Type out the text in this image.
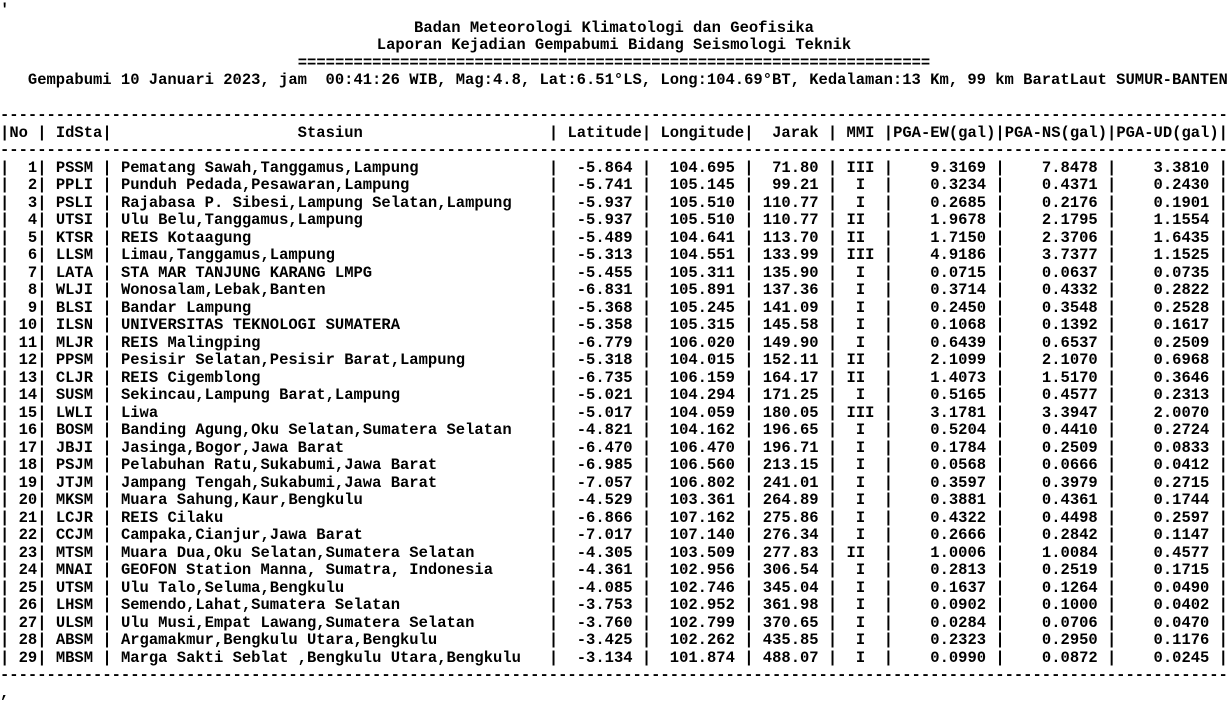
'
Badan Meteorologi Klimatologi dan Geofisika
Laporan Kejadian Gempabumi Bidang Seismologi Teknik
====================================================================
Gempabumi 10 Januari 2023, jam  00:41:26 WIB, Mag:4.8, Lat:6.51°LS, Long:104.69°BT, Kedalaman:13 Km, 99 km BaratLaut SUMUR-BANTEN
------------------------------------------------------------------------------------------------------------------------------------
|No | IdSta|                    Stasiun                    | Latitude| Longitude|  Jarak | MMI |PGA-EW(gal)|PGA-NS(gal)|PGA-UD(gal)|
------------------------------------------------------------------------------------------------------------------------------------
|  1| PSSM | Pematang Sawah,Tanggamus,Lampung              |  -5.864 |  104.695 |  71.80 | III |    9.3169 |    7.8478 |    3.3810 |
|  2| PPLI | Punduh Pedada,Pesawaran,Lampung               |  -5.741 |  105.145 |  99.21 |  I  |    0.3234 |    0.4371 |    0.2430 |
|  3| PSLI | Rajabasa P. Sibesi,Lampung Selatan,Lampung    |  -5.937 |  105.510 | 110.77 |  I  |    0.2685 |    0.2176 |    0.1901 |
|  4| UTSI | Ulu Belu,Tanggamus,Lampung                    |  -5.937 |  105.510 | 110.77 | II  |    1.9678 |    2.1795 |    1.1554 |
|  5| KTSR | REIS Kotaagung                                |  -5.489 |  104.641 | 113.70 | II  |    1.7150 |    2.3706 |    1.6435 |
|  6| LLSM | Limau,Tanggamus,Lampung                       |  -5.313 |  104.551 | 133.99 | III |    4.9186 |    3.7377 |    1.1525 |
|  7| LATA | STA MAR TANJUNG KARANG LMPG                   |  -5.455 |  105.311 | 135.90 |  I  |    0.0715 |    0.0637 |    0.0735 |
|  8| WLJI | Wonosalam,Lebak,Banten                        |  -6.831 |  105.891 | 137.36 |  I  |    0.3714 |    0.4332 |    0.2822 |
|  9| BLSI | Bandar Lampung                                |  -5.368 |  105.245 | 141.09 |  I  |    0.2450 |    0.3548 |    0.2528 |
| 10| ILSN | UNIVERSITAS TEKNOLOGI SUMATERA                |  -5.358 |  105.315 | 145.58 |  I  |    0.1068 |    0.1392 |    0.1617 |
| 11| MLJR | REIS Malingping                               |  -6.779 |  106.020 | 149.90 |  I  |    0.6439 |    0.6537 |    0.2509 |
| 12| PPSM | Pesisir Selatan,Pesisir Barat,Lampung         |  -5.318 |  104.015 | 152.11 | II  |    2.1099 |    2.1070 |    0.6968 |
| 13| CLJR | REIS Cigemblong                               |  -6.735 |  106.159 | 164.17 | II  |    1.4073 |    1.5170 |    0.3646 |
| 14| SUSM | Sekincau,Lampung Barat,Lampung                |  -5.021 |  104.294 | 171.25 |  I  |    0.5165 |    0.4577 |    0.2313 |
| 15| LWLI | Liwa                                          |  -5.017 |  104.059 | 180.05 | III |    3.1781 |    3.3947 |    2.0070 |
| 16| BOSM | Banding Agung,Oku Selatan,Sumatera Selatan    |  -4.821 |  104.162 | 196.65 |  I  |    0.5204 |    0.4410 |    0.2724 |
| 17| JBJI | Jasinga,Bogor,Jawa Barat                      |  -6.470 |  106.470 | 196.71 |  I  |    0.1784 |    0.2509 |    0.0833 |
| 18| PSJM | Pelabuhan Ratu,Sukabumi,Jawa Barat            |  -6.985 |  106.560 | 213.15 |  I  |    0.0568 |    0.0666 |    0.0412 |
| 19| JTJM | Jampang Tengah,Sukabumi,Jawa Barat            |  -7.057 |  106.802 | 241.01 |  I  |    0.3597 |    0.3979 |    0.2715 |
| 20| MKSM | Muara Sahung,Kaur,Bengkulu                    |  -4.529 |  103.361 | 264.89 |  I  |    0.3881 |    0.4361 |    0.1744 |
| 21| LCJR | REIS Cilaku                                   |  -6.866 |  107.162 | 275.86 |  I  |    0.4322 |    0.4498 |    0.2597 |
| 22| CCJM | Campaka,Cianjur,Jawa Barat                    |  -7.017 |  107.140 | 276.34 |  I  |    0.2666 |    0.2842 |    0.1147 |
| 23| MTSM | Muara Dua,Oku Selatan,Sumatera Selatan        |  -4.305 |  103.509 | 277.83 | II  |    1.0006 |    1.0084 |    0.4577 |
| 24| MNAI | GEOFON Station Manna, Sumatra, Indonesia      |  -4.361 |  102.956 | 306.54 |  I  |    0.2813 |    0.2519 |    0.1715 |
| 25| UTSM | Ulu Talo,Seluma,Bengkulu                      |  -4.085 |  102.746 | 345.04 |  I  |    0.1637 |    0.1264 |    0.0490 |
| 26| LHSM | Semendo,Lahat,Sumatera Selatan                |  -3.753 |  102.952 | 361.98 |  I  |    0.0902 |    0.1000 |    0.0402 |
| 27| ULSM | Ulu Musi,Empat Lawang,Sumatera Selatan        |  -3.760 |  102.799 | 370.65 |  I  |    0.0284 |    0.0706 |    0.0470 |
| 28| ABSM | Argamakmur,Bengkulu Utara,Bengkulu            |  -3.425 |  102.262 | 435.85 |  I  |    0.2323 |    0.2950 |    0.1176 |
| 29| MBSM | Marga Sakti Seblat ,Bengkulu Utara,Bengkulu   |  -3.134 |  101.874 | 488.07 |  I  |    0.0990 |    0.0872 |    0.0245 |
------------------------------------------------------------------------------------------------------------------------------------
,
